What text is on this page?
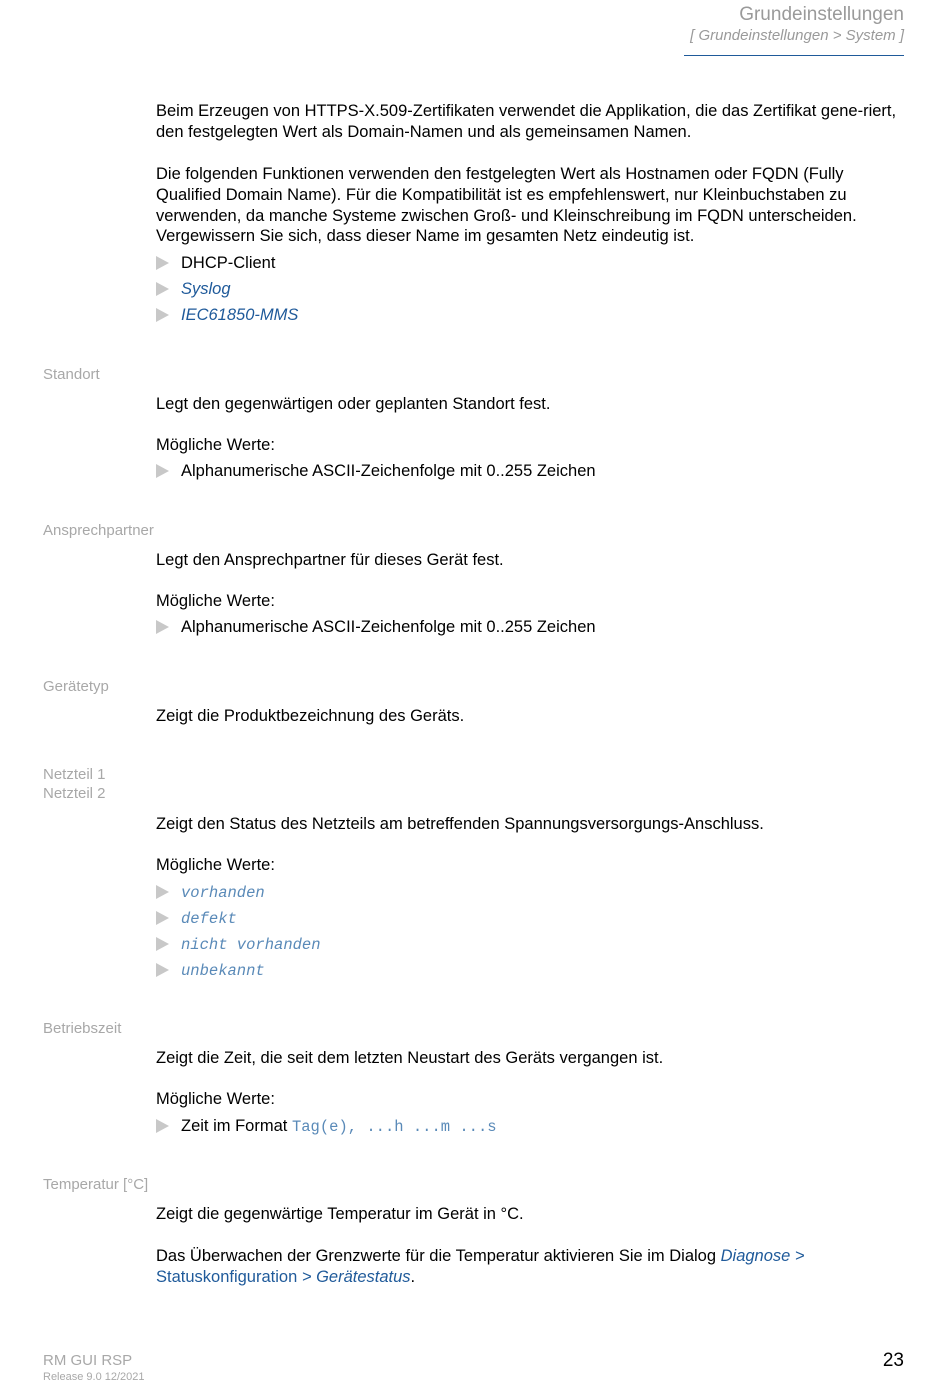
Grundeinstellungen
[ Grundeinstellungen > System ]

Beim Erzeugen von HTTPS-X.509-Zertifikaten verwendet die Applikation, die das Zertifikat gene-riert, den festgelegten Wert als Domain-Namen und als gemeinsamen Namen.

Die folgenden Funktionen verwenden den festgelegten Wert als Hostnamen oder FQDN (Fully Qualified Domain Name). Für die Kompatibilität ist es empfehlenswert, nur Kleinbuchstaben zu verwenden, da manche Systeme zwischen Groß- und Kleinschreibung im FQDN unterscheiden. Vergewissern Sie sich, dass dieser Name im gesamten Netz eindeutig ist.

DHCP-Client
Syslog
IEC61850-MMS
Standort

Legt den gegenwärtigen oder geplanten Standort fest.

Mögliche Werte:

Alphanumerische ASCII-Zeichenfolge mit 0..255 Zeichen
Ansprechpartner

Legt den Ansprechpartner für dieses Gerät fest.

Mögliche Werte:

Alphanumerische ASCII-Zeichenfolge mit 0..255 Zeichen
Gerätetyp

Zeigt die Produktbezeichnung des Geräts.

Netzteil 1
Netzteil 2

Zeigt den Status des Netzteils am betreffenden Spannungsversorgungs-Anschluss.

Mögliche Werte:

vorhanden
defekt
nicht vorhanden
unbekannt
Betriebszeit

Zeigt die Zeit, die seit dem letzten Neustart des Geräts vergangen ist.

Mögliche Werte:

Zeit im Format Tag(e), ...h ...m ...s
Temperatur [°C]

Zeigt die gegenwärtige Temperatur im Gerät in °C.

Das Überwachen der Grenzwerte für die Temperatur aktivieren Sie im Dialog Diagnose >
Statuskonfiguration > Gerätestatus.

RM GUI RSP
Release 9.0 12/2021
23
